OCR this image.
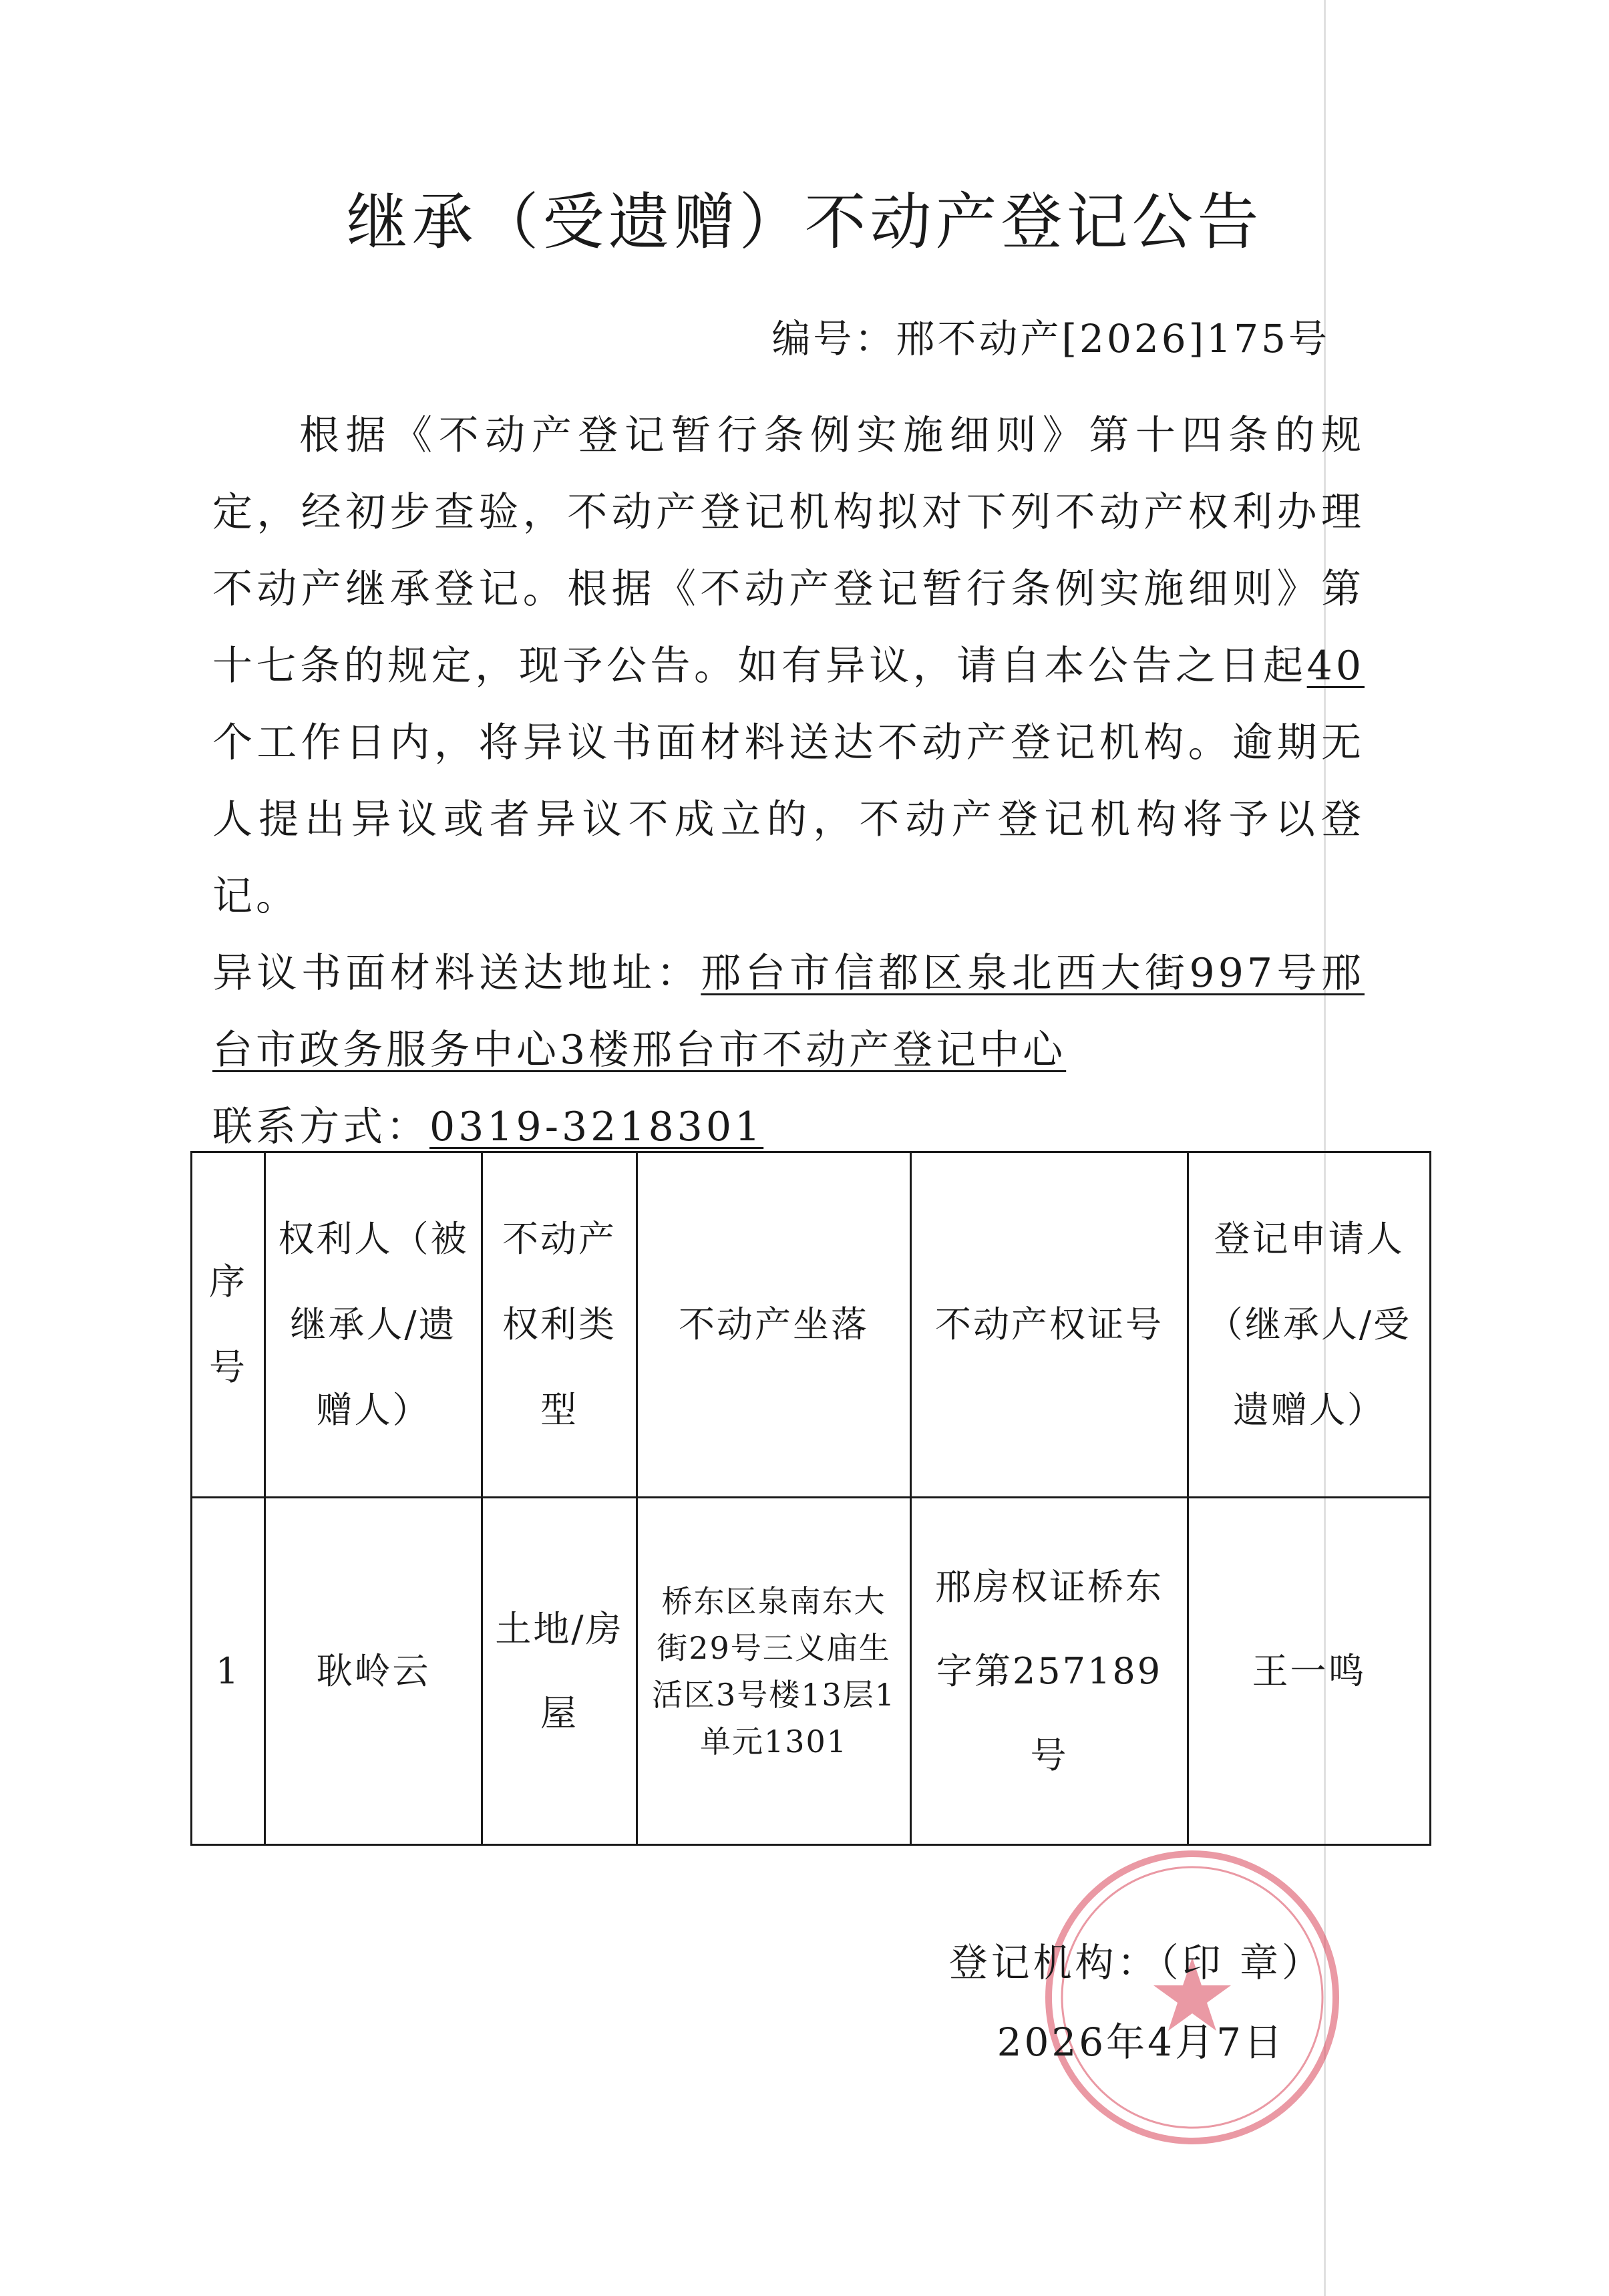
继承（受遗赠）不动产登记公告
编号：邢不动产[2026]175号

根据《不动产登记暂行条例实施细则》第十四条的规定，经初步查验，不动产登记机构拟对下列不动产权利办理不动产继承登记。根据《不动产登记暂行条例实施细则》第十七条的规定，现予公告。如有异议，请自本公告之日起40个工作日内，将异议书面材料送达不动产登记机构。逾期无人提出异议或者异议不成立的，不动产登记机构将予以登记。

异议书面材料送达地址：邢台市信都区泉北西大街997号邢台市政务服务中心3楼邢台市不动产登记中心

联系方式：0319-3218301

序号	权利人（被继承人/遗赠人）	不动产权利类型	不动产坐落	不动产权证号	登记申请人（继承人/受遗赠人）
1	耿岭云	土地/房屋	桥东区泉南东大街29号三义庙生活区3号楼13层1单元1301	邢房权证桥东字第257189号	王一鸣
登记机构：（印 章）
2026年4月7日
